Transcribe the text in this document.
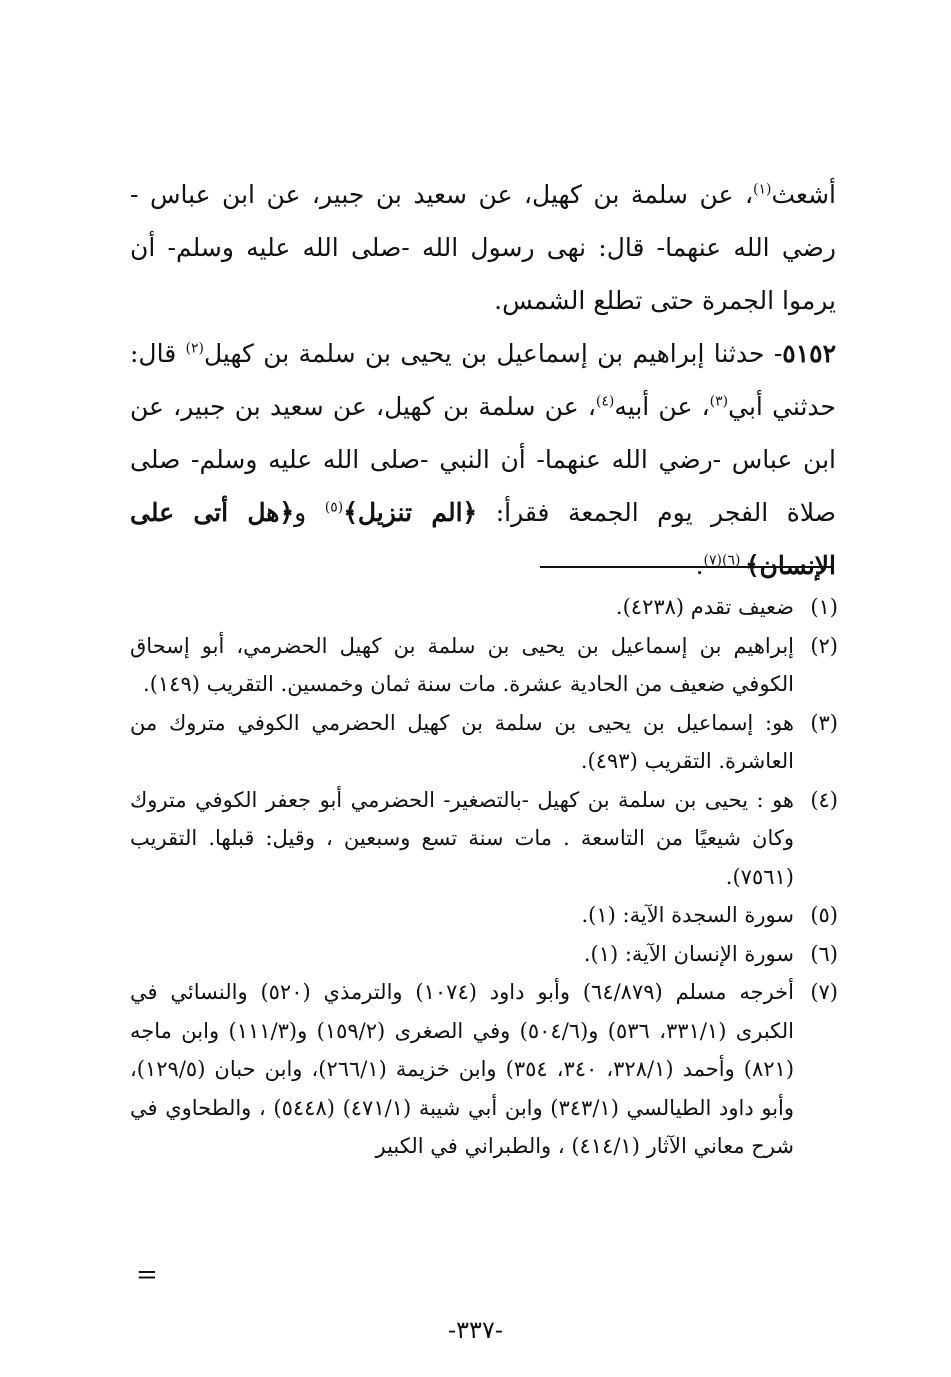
أشعث$^{(١)}$، عن سلمة بن كهيل، عن سعيد بن جبير، عن ابن عباس - رضي الله عنهما- قال: نهى رسول الله -صلى الله عليه وسلم- أن يرموا الجمرة حتى تطلع الشمس.

٥١٥٢- حدثنا إبراهيم بن إسماعيل بن يحيى بن سلمة بن كهيل$^{(٢)}$ قال: حدثني أبي$^{(٣)}$، عن أبيه$^{(٤)}$، عن سلمة بن كهيل، عن سعيد بن جبير، عن ابن عباس -رضي الله عنهما- أن النبي -صلى الله عليه وسلم- صلى صلاة الفجر يوم الجمعة فقرأ: ﴿الم تنزيل﴾$^{(٥)}$ و﴿هل أتى على الإنسان﴾ $^{(٦)(٧)}$.

(١)
ضعيف تقدم (٤٢٣٨).
(٢)
إبراهيم بن إسماعيل بن يحيى بن سلمة بن كهيل الحضرمي، أبو إسحاق الكوفي ضعيف من الحادية عشرة. مات سنة ثمان وخمسين. التقريب (١٤٩).
(٣)
هو: إسماعيل بن يحيى بن سلمة بن كهيل الحضرمي الكوفي متروك من العاشرة. التقريب (٤٩٣).
(٤)
هو : يحيى بن سلمة بن كهيل -بالتصغير- الحضرمي أبو جعفر الكوفي متروك وكان شيعيًا من التاسعة . مات سنة تسع وسبعين ، وقيل: قبلها. التقريب (٧٥٦١).
(٥)
سورة السجدة الآية: (١).
(٦)
سورة الإنسان الآية: (١).
(٧)
أخرجه مسلم (٦٤/٨٧٩) وأبو داود (١٠٧٤) والترمذي (٥٢٠) والنسائي في الكبرى (٣٣١/١، ٥٣٦) و(٥٠٤/٦) وفي الصغرى (١٥٩/٢) و(١١١/٣) وابن ماجه (٨٢١) وأحمد (٣٢٨/١، ٣٤٠، ٣٥٤) وابن خزيمة (٢٦٦/١)، وابن حبان (١٢٩/٥)، وأبو داود الطيالسي (٣٤٣/١) وابن أبي شيبة (٤٧١/١) (٥٤٤٨) ، والطحاوي في شرح معاني الآثار (٤١٤/١) ، والطبراني في الكبير
=
-٣٣٧-
